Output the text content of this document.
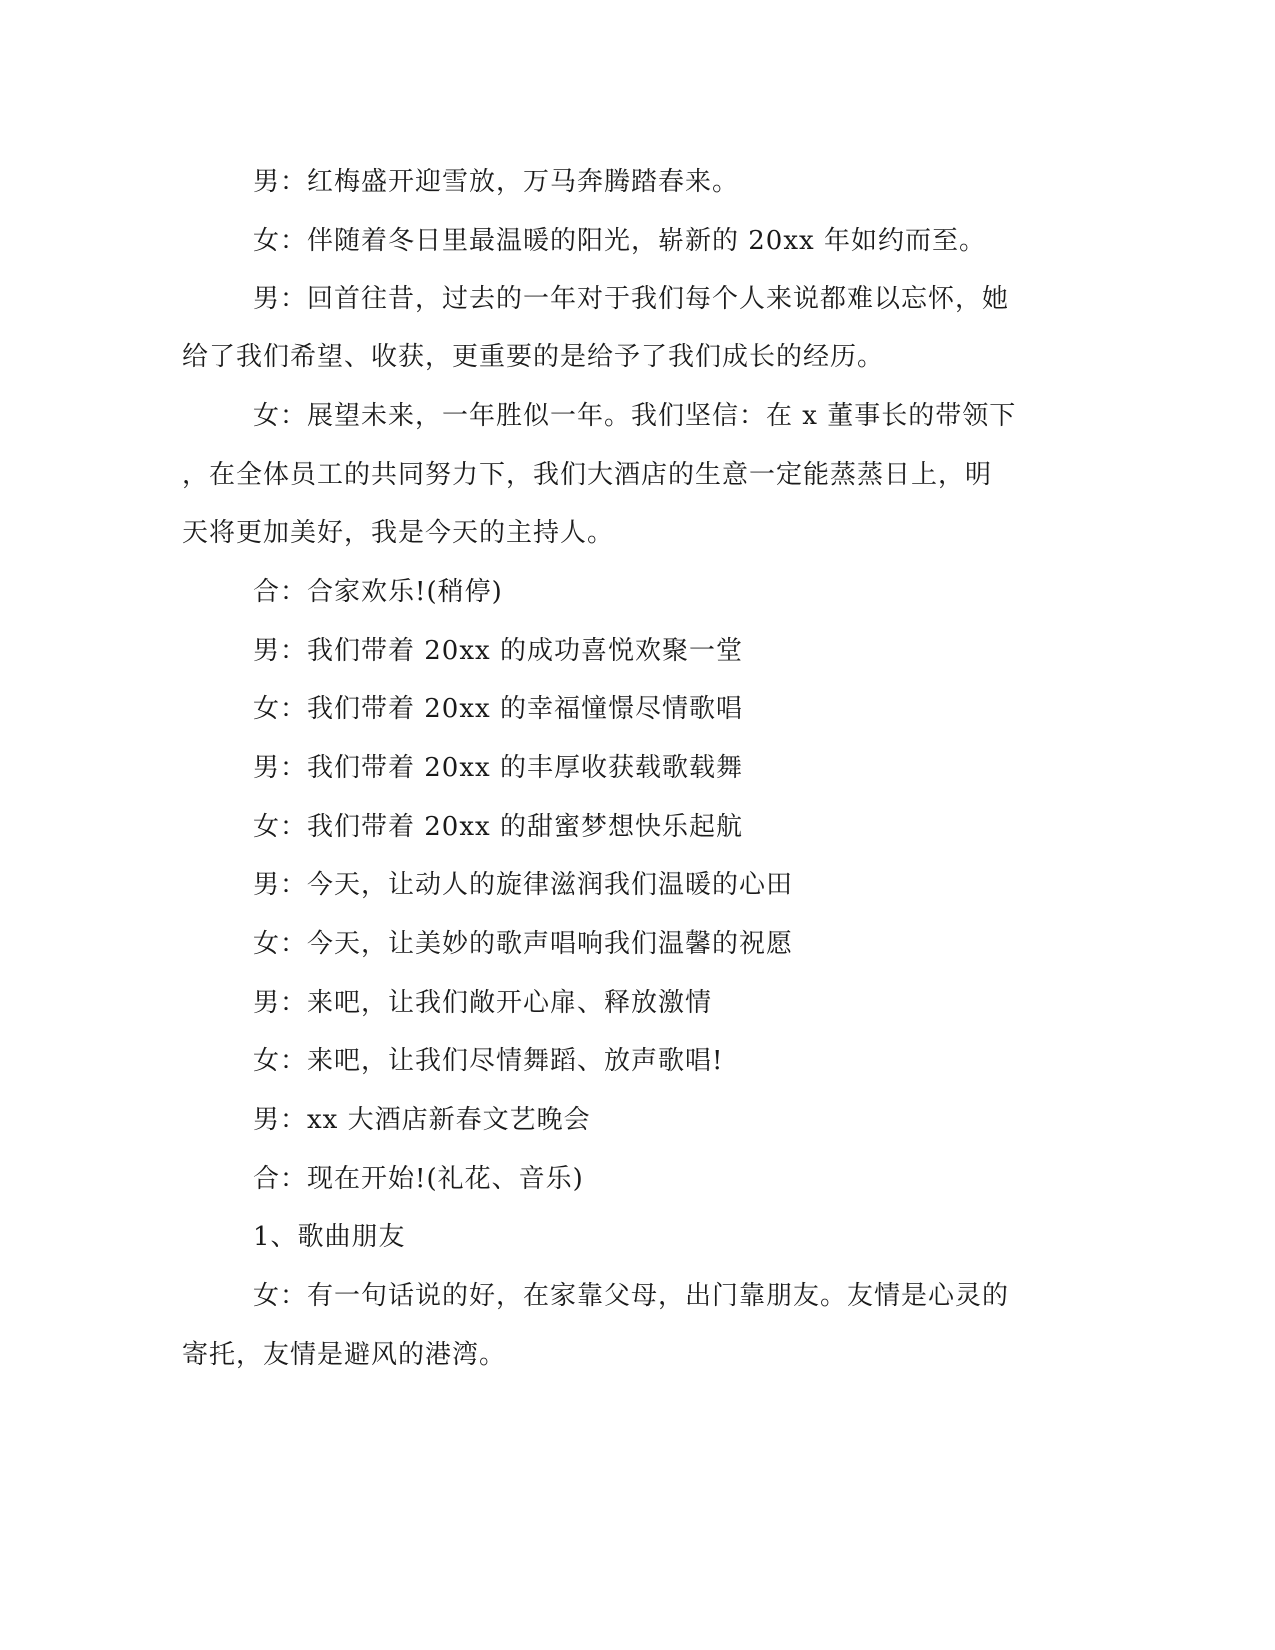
男：红梅盛开迎雪放，万马奔腾踏春来。
女：伴随着冬日里最温暖的阳光，崭新的 20xx 年如约而至。
男：回首往昔，过去的一年对于我们每个人来说都难以忘怀，她
给了我们希望、收获，更重要的是给予了我们成长的经历。
女：展望未来，一年胜似一年。我们坚信：在 x 董事长的带领下
，在全体员工的共同努力下，我们大酒店的生意一定能蒸蒸日上，明
天将更加美好，我是今天的主持人。
合：合家欢乐!(稍停)
男：我们带着 20xx 的成功喜悦欢聚一堂
女：我们带着 20xx 的幸福憧憬尽情歌唱
男：我们带着 20xx 的丰厚收获载歌载舞
女：我们带着 20xx 的甜蜜梦想快乐起航
男：今天，让动人的旋律滋润我们温暖的心田
女：今天，让美妙的歌声唱响我们温馨的祝愿
男：来吧，让我们敞开心扉、释放激情
女：来吧，让我们尽情舞蹈、放声歌唱!
男：xx 大酒店新春文艺晚会
合：现在开始!(礼花、音乐)
1、歌曲朋友
女：有一句话说的好，在家靠父母，出门靠朋友。友情是心灵的
寄托，友情是避风的港湾。
